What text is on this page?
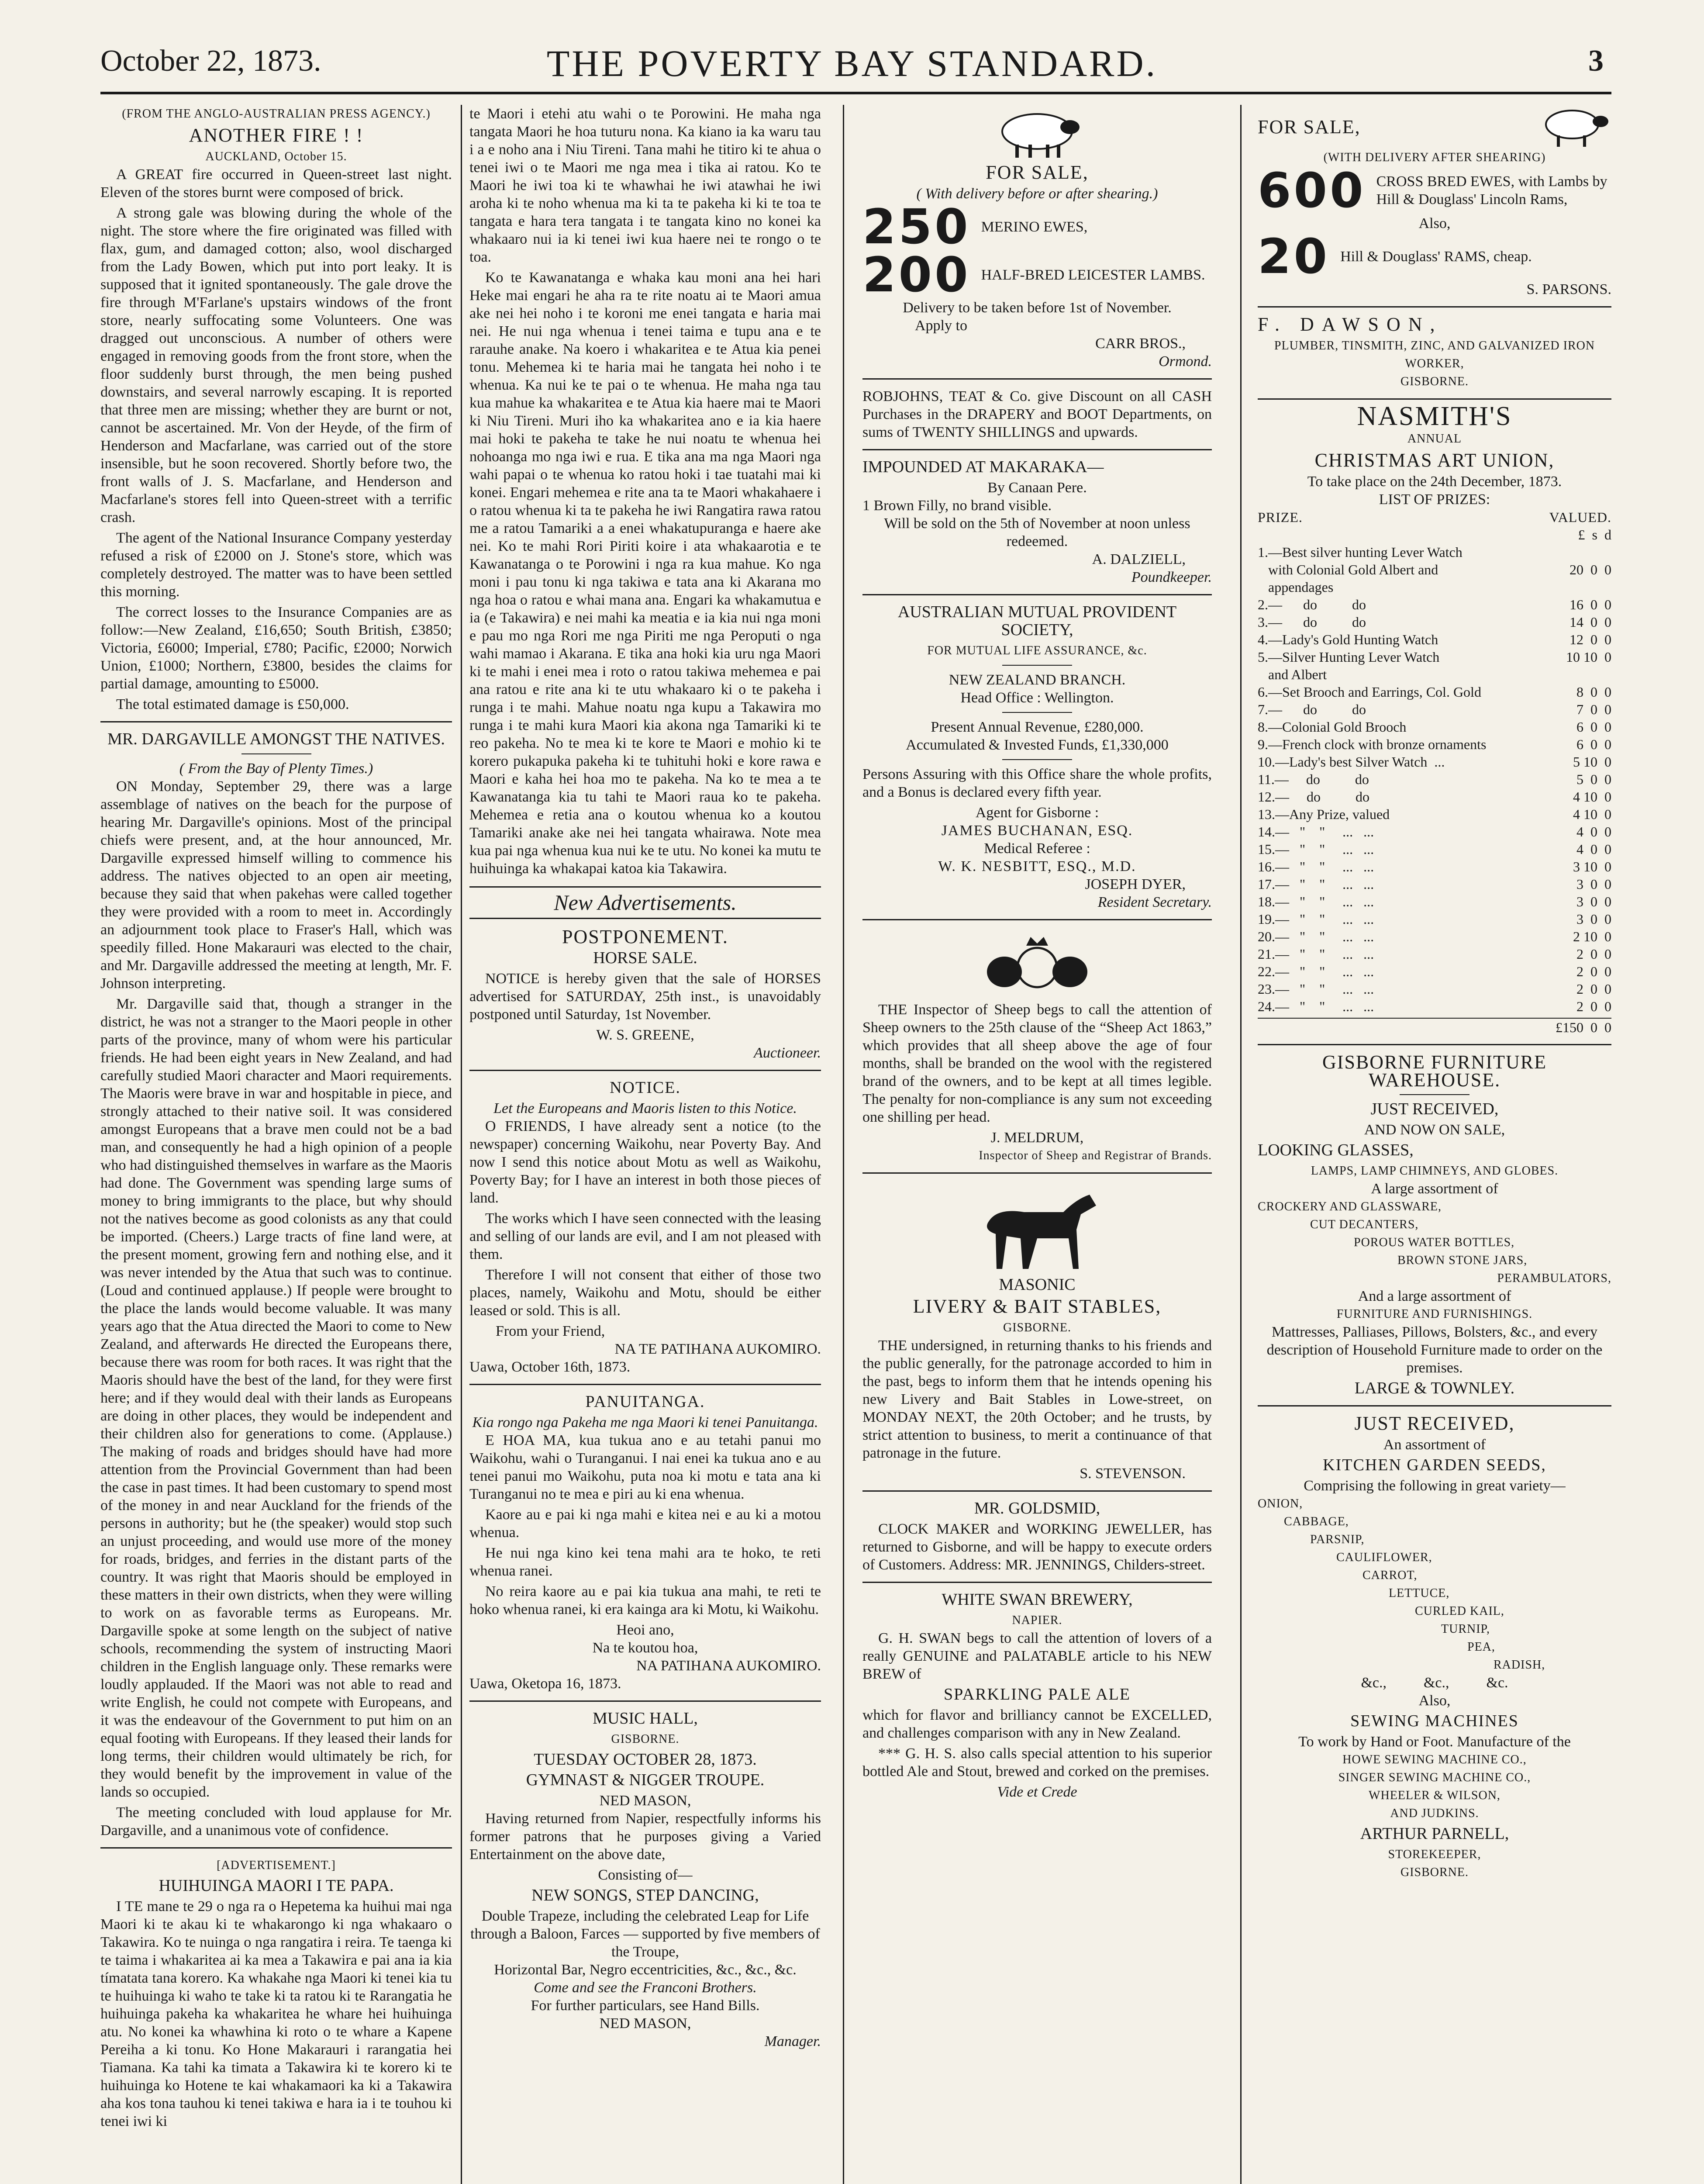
October 22, 1873.	THE POVERTY BAY STANDARD.	3
(FROM THE ANGLO-AUSTRALIAN PRESS AGENCY.)
ANOTHER FIRE ! !
AUCKLAND, October 15.

A GREAT fire occurred in Queen-street last night. Eleven of the stores burnt were composed of brick.

A strong gale was blowing during the whole of the night. The store where the fire originated was filled with flax, gum, and damaged cotton; also, wool discharged from the Lady Bowen, which put into port leaky. It is supposed that it ignited spontaneously. The gale drove the fire through M'Farlane's upstairs windows of the front store, nearly suffocating some Volunteers. One was dragged out unconscious. A number of others were engaged in removing goods from the front store, when the floor suddenly burst through, the men being pushed downstairs, and several narrowly escaping. It is reported that three men are missing; whether they are burnt or not, cannot be ascertained. Mr. Von der Heyde, of the firm of Henderson and Macfarlane, was carried out of the store insensible, but he soon recovered. Shortly before two, the front walls of J. S. Macfarlane, and Henderson and Macfarlane's stores fell into Queen-street with a terrific crash.

The agent of the National Insurance Company yesterday refused a risk of £2000 on J. Stone's store, which was completely destroyed. The matter was to have been settled this morning.

The correct losses to the Insurance Companies are as follow:—New Zealand, £16,650; South British, £3850; Victoria, £6000; Imperial, £780; Pacific, £2000; Norwich Union, £1000; Northern, £3800, besides the claims for partial damage, amounting to £5000.

The total estimated damage is £50,000.

MR. DARGAVILLE AMONGST THE NATIVES.
( From the Bay of Plenty Times.)

ON Monday, September 29, there was a large assemblage of natives on the beach for the purpose of hearing Mr. Dargaville's opinions. Most of the principal chiefs were present, and, at the hour announced, Mr. Dargaville expressed himself willing to commence his address. The natives objected to an open air meeting, because they said that when pakehas were called together they were provided with a room to meet in. Accordingly an adjournment took place to Fraser's Hall, which was speedily filled. Hone Makarauri was elected to the chair, and Mr. Dargaville addressed the meeting at length, Mr. F. Johnson interpreting.

Mr. Dargaville said that, though a stranger in the district, he was not a stranger to the Maori people in other parts of the province, many of whom were his particular friends. He had been eight years in New Zealand, and had carefully studied Maori character and Maori requirements. The Maoris were brave in war and hospitable in piece, and strongly attached to their native soil. It was considered amongst Europeans that a brave men could not be a bad man, and consequently he had a high opinion of a people who had distinguished themselves in warfare as the Maoris had done. The Government was spending large sums of money to bring immigrants to the place, but why should not the natives become as good colonists as any that could be imported. (Cheers.) Large tracts of fine land were, at the present moment, growing fern and nothing else, and it was never intended by the Atua that such was to continue. (Loud and continued applause.) If people were brought to the place the lands would become valuable. It was many years ago that the Atua directed the Maori to come to New Zealand, and afterwards He directed the Europeans there, because there was room for both races. It was right that the Maoris should have the best of the land, for they were first here; and if they would deal with their lands as Europeans are doing in other places, they would be independent and their children also for generations to come. (Applause.) The making of roads and bridges should have had more attention from the Provincial Government than had been the case in past times. It had been customary to spend most of the money in and near Auckland for the friends of the persons in authority; but he (the speaker) would stop such an unjust proceeding, and would use more of the money for roads, bridges, and ferries in the distant parts of the country. It was right that Maoris should be employed in these matters in their own districts, when they were willing to work on as favorable terms as Europeans. Mr. Dargaville spoke at some length on the subject of native schools, recommending the system of instructing Maori children in the English language only. These remarks were loudly applauded. If the Maori was not able to read and write English, he could not compete with Europeans, and it was the endeavour of the Government to put him on an equal footing with Europeans. If they leased their lands for long terms, their children would ultimately be rich, for they would benefit by the improvement in value of the lands so occupied.

The meeting concluded with loud applause for Mr. Dargaville, and a unanimous vote of confidence.

[ADVERTISEMENT.]
HUIHUINGA MAORI I TE PAPA.

I TE mane te 29 o nga ra o Hepetema ka huihui mai nga Maori ki te akau ki te whakarongo ki nga whakaaro o Takawira. Ko te nuinga o nga rangatira i reira. Te taenga ki te taima i whakaritea ai ka mea a Takawira e pai ana ia kia tímatata tana korero. Ka whakahe nga Maori ki tenei kia tu te huihuinga ki waho te take ki ta ratou ki te Rarangatia he huihuinga pakeha ka whakaritea he whare hei huihuinga atu. No konei ka whawhina ki roto o te whare a Kapene Pereiha a ki tonu. Ko Hone Makarauri i rarangatia hei Tiamana. Ka tahi ka timata a Takawira ki te korero ki te huihuinga ko Hotene te kai whakamaori ka ki a Takawira aha kos tona tauhou ki tenei takiwa e hara ia i te touhou ki tenei iwi ki

te Maori i etehi atu wahi o te Porowini. He maha nga tangata Maori he hoa tuturu nona. Ka kiano ia ka waru tau i a e noho ana i Niu Tireni. Tana mahi he titiro ki te ahua o tenei iwi o te Maori me nga mea i tika ai ratou. Ko te Maori he iwi toa ki te whawhai he iwi atawhai he iwi aroha ki te noho whenua ma ki ta te pakeha ki ki te toa te tangata e hara tera tangata i te tangata kino no konei ka whakaaro nui ia ki tenei iwi kua haere nei te rongo o te toa.

Ko te Kawanatanga e whaka kau moni ana hei hari Heke mai engari he aha ra te rite noatu ai te Maori amua ake nei hei noho i te koroni me enei tangata e haria mai nei. He nui nga whenua i tenei taima e tupu ana e te rarauhe anake. Na koero i whakaritea e te Atua kia penei tonu. Mehemea ki te haria mai he tangata hei noho i te whenua. Ka nui ke te pai o te whenua. He maha nga tau kua mahue ka whakaritea e te Atua kia haere mai te Maori ki Niu Tireni. Muri iho ka whakaritea ano e ia kia haere mai hoki te pakeha te take he nui noatu te whenua hei nohoanga mo nga iwi e rua. E tika ana ma nga Maori nga wahi papai o te whenua ko ratou hoki i tae tuatahi mai ki konei. Engari mehemea e rite ana ta te Maori whakahaere i o ratou whenua ki ta te pakeha he iwi Rangatira rawa ratou me a ratou Tamariki a a enei whakatupuranga e haere ake nei. Ko te mahi Rori Piriti koire i ata whakaarotia e te Kawanatanga o te Porowini i nga ra kua mahue. Ko nga moni i pau tonu ki nga takiwa e tata ana ki Akarana mo nga hoa o ratou e whai mana ana. Engari ka whakamutua e ia (e Takawira) e nei mahi ka meatia e ia kia nui nga moni e pau mo nga Rori me nga Piriti me nga Peroputi o nga wahi mamao i Akarana. E tika ana hoki kia uru nga Maori ki te mahi i enei mea i roto o ratou takiwa mehemea e pai ana ratou e rite ana ki te utu whakaaro ki o te pakeha i runga i te mahi. Mahue noatu nga kupu a Takawira mo runga i te mahi kura Maori kia akona nga Tamariki ki te reo pakeha. No te mea ki te kore te Maori e mohio ki te korero pukapuka pakeha ki te tuhituhi hoki e kore rawa e Maori e kaha hei hoa mo te pakeha. Na ko te mea a te Kawanatanga kia tu tahi te Maori raua ko te pakeha. Mehemea e retia ana o koutou whenua ko a koutou Tamariki anake ake nei hei tangata whairawa. Note mea kua pai nga whenua kua nui ke te utu. No konei ka mutu te huihuinga ka whakapai katoa kia Takawira.

New Advertisements.
POSTPONEMENT.
HORSE SALE.

NOTICE is hereby given that the sale of HORSES advertised for SATURDAY, 25th inst., is unavoidably postponed until Saturday, 1st November.

W. S. GREENE,
Auctioneer.
NOTICE.
Let the Europeans and Maoris listen to this Notice.

O FRIENDS, I have already sent a notice (to the newspaper) concerning Waikohu, near Poverty Bay. And now I send this notice about Motu as well as Waikohu, Poverty Bay; for I have an interest in both those pieces of land.

The works which I have seen connected with the leasing and selling of our lands are evil, and I am not pleased with them.

Therefore I will not consent that either of those two places, namely, Waikohu and Motu, should be either leased or sold. This is all.

From your Friend,
NA TE PATIHANA AUKOMIRO.
Uawa, October 16th, 1873.
PANUITANGA.
Kia rongo nga Pakeha me nga Maori ki tenei Panuitanga.

E HOA MA, kua tukua ano e au tetahi panui mo Waikohu, wahi o Turanganui. I nai enei ka tukua ano e au tenei panui mo Waikohu, puta noa ki motu e tata ana ki Turanganui no te mea e piri au ki ena whenua.

Kaore au e pai ki nga mahi e kitea nei e au ki a motou whenua.

He nui nga kino kei tena mahi ara te hoko, te reti whenua ranei.

No reira kaore au e pai kia tukua ana mahi, te reti te hoko whenua ranei, ki era kainga ara ki Motu, ki Waikohu.

Heoi ano,
Na te koutou hoa,
NA PATIHANA AUKOMIRO.
Uawa, Oketopa 16, 1873.
MUSIC HALL,
GISBORNE.
TUESDAY OCTOBER 28, 1873.
GYMNAST & NIGGER TROUPE.
NED MASON,

Having returned from Napier, respectfully informs his former patrons that he purposes giving a Varied Entertainment on the above date,

Consisting of—
NEW SONGS, STEP DANCING,
Double Trapeze, including the celebrated Leap for Life through a Baloon, Farces — supported by five members of the Troupe,
Horizontal Bar, Negro eccentricities, &c., &c., &c.
Come and see the Franconi Brothers.
For further particulars, see Hand Bills.
NED MASON,
Manager.
FOR SALE,
( With delivery before or after shearing.)
250 MERINO EWES,
200 HALF-BRED LEICESTER LAMBS.
Delivery to be taken before 1st of November.
Apply to
CARR BROS.,
Ormond.

ROBJOHNS, TEAT & Co. give Discount on all CASH Purchases in the DRAPERY and BOOT Departments, on sums of TWENTY SHILLINGS and upwards.

IMPOUNDED AT MAKARAKA—
By Canaan Pere.
1 Brown Filly, no brand visible.
Will be sold on the 5th of November at noon unless redeemed.
A. DALZIELL,
Poundkeeper.
AUSTRALIAN MUTUAL PROVIDENT SOCIETY,
FOR MUTUAL LIFE ASSURANCE, &c.
NEW ZEALAND BRANCH.
Head Office : Wellington.
Present Annual Revenue, £280,000.
Accumulated & Invested Funds, £1,330,000

Persons Assuring with this Office share the whole profits, and a Bonus is declared every fifth year.

Agent for Gisborne :
JAMES BUCHANAN, ESQ.
Medical Referee :
W. K. NESBITT, ESQ., M.D.
JOSEPH DYER,
Resident Secretary.

THE Inspector of Sheep begs to call the attention of Sheep owners to the 25th clause of the “Sheep Act 1863,” which provides that all sheep above the age of four months, shall be branded on the wool with the registered brand of the owners, and to be kept at all times legible. The penalty for non-compliance is any sum not exceeding one shilling per head.

J. MELDRUM,
Inspector of Sheep and Registrar of Brands.
MASONIC
LIVERY & BAIT STABLES,
GISBORNE.

THE undersigned, in returning thanks to his friends and the public generally, for the patronage accorded to him in the past, begs to inform them that he intends opening his new Livery and Bait Stables in Lowe-street, on MONDAY NEXT, the 20th October; and he trusts, by strict attention to business, to merit a continuance of that patronage in the future.

S. STEVENSON.
MR. GOLDSMID,

CLOCK MAKER and WORKING JEWELLER, has returned to Gisborne, and will be happy to execute orders of Customers. Address: MR. JENNINGS, Childers-street.

WHITE SWAN BREWERY,
NAPIER.

G. H. SWAN begs to call the attention of lovers of a really GENUINE and PALATABLE article to his NEW BREW of

SPARKLING PALE ALE

which for flavor and brilliancy cannot be EXCELLED, and challenges comparison with any in New Zealand.

*** G. H. S. also calls special attention to his superior bottled Ale and Stout, brewed and corked on the premises.

Vide et Crede
FOR SALE,
(WITH DELIVERY AFTER SHEARING)
600 CROSS BRED EWES, with Lambs by Hill & Douglass' Lincoln Rams,
Also,
20 Hill & Douglass' RAMS, cheap.
S. PARSONS.
F. DAWSON,
PLUMBER, TINSMITH, ZINC, AND GALVANIZED IRON WORKER,
GISBORNE.
NASMITH'S
ANNUAL
CHRISTMAS ART UNION,
To take place on the 24th December, 1873.
LIST OF PRIZES:
PRIZE.	VALUED.
£  s  d
1.—Best silver hunting Lever Watch
with Colonial Gold Albert and	20  0  0
appendages
2.—      do          do	16  0  0
3.—      do          do	14  0  0
4.—Lady's Gold Hunting Watch	12  0  0
5.—Silver Hunting Lever Watch	10 10  0
and Albert
6.—Set Brooch and Earrings, Col. Gold	8  0  0
7.—      do          do	7  0  0
8.—Colonial Gold Brooch	6  0  0
9.—French clock with bronze ornaments	6  0  0
10.—Lady's best Silver Watch  ...	5 10  0
11.—     do          do	5  0  0
12.—     do          do	4 10  0
13.—Any Prize, valued	4 10  0
14.—   "    "     ...   ...	4  0  0
15.—   "    "     ...   ...	4  0  0
16.—   "    "     ...   ...	3 10  0
17.—   "    "     ...   ...	3  0  0
18.—   "    "     ...   ...	3  0  0
19.—   "    "     ...   ...	3  0  0
20.—   "    "     ...   ...	2 10  0
21.—   "    "     ...   ...	2  0  0
22.—   "    "     ...   ...	2  0  0
23.—   "    "     ...   ...	2  0  0
24.—   "    "     ...   ...	2  0  0
£150  0  0
GISBORNE FURNITURE WAREHOUSE.
JUST RECEIVED,
AND NOW ON SALE,
LOOKING GLASSES,
LAMPS, LAMP CHIMNEYS, AND GLOBES.
A large assortment of
CROCKERY AND GLASSWARE,
CUT DECANTERS,
POROUS WATER BOTTLES,
BROWN STONE JARS,
PERAMBULATORS,
And a large assortment of
FURNITURE AND FURNISHINGS.
Mattresses, Palliases, Pillows, Bolsters, &c., and every description of Household Furniture made to order on the premises.
LARGE & TOWNLEY.
JUST RECEIVED,
An assortment of
KITCHEN GARDEN SEEDS,
Comprising the following in great variety—
ONION,
CABBAGE,
PARSNIP,
CAULIFLOWER,
CARROT,
LETTUCE,
CURLED KAIL,
TURNIP,
PEA,
RADISH,
&c.,          &c.,          &c.
Also,
SEWING MACHINES
To work by Hand or Foot. Manufacture of the
HOWE SEWING MACHINE CO.,
SINGER SEWING MACHINE CO.,
WHEELER & WILSON,
AND JUDKINS.
ARTHUR PARNELL,
STOREKEEPER,
GISBORNE.
